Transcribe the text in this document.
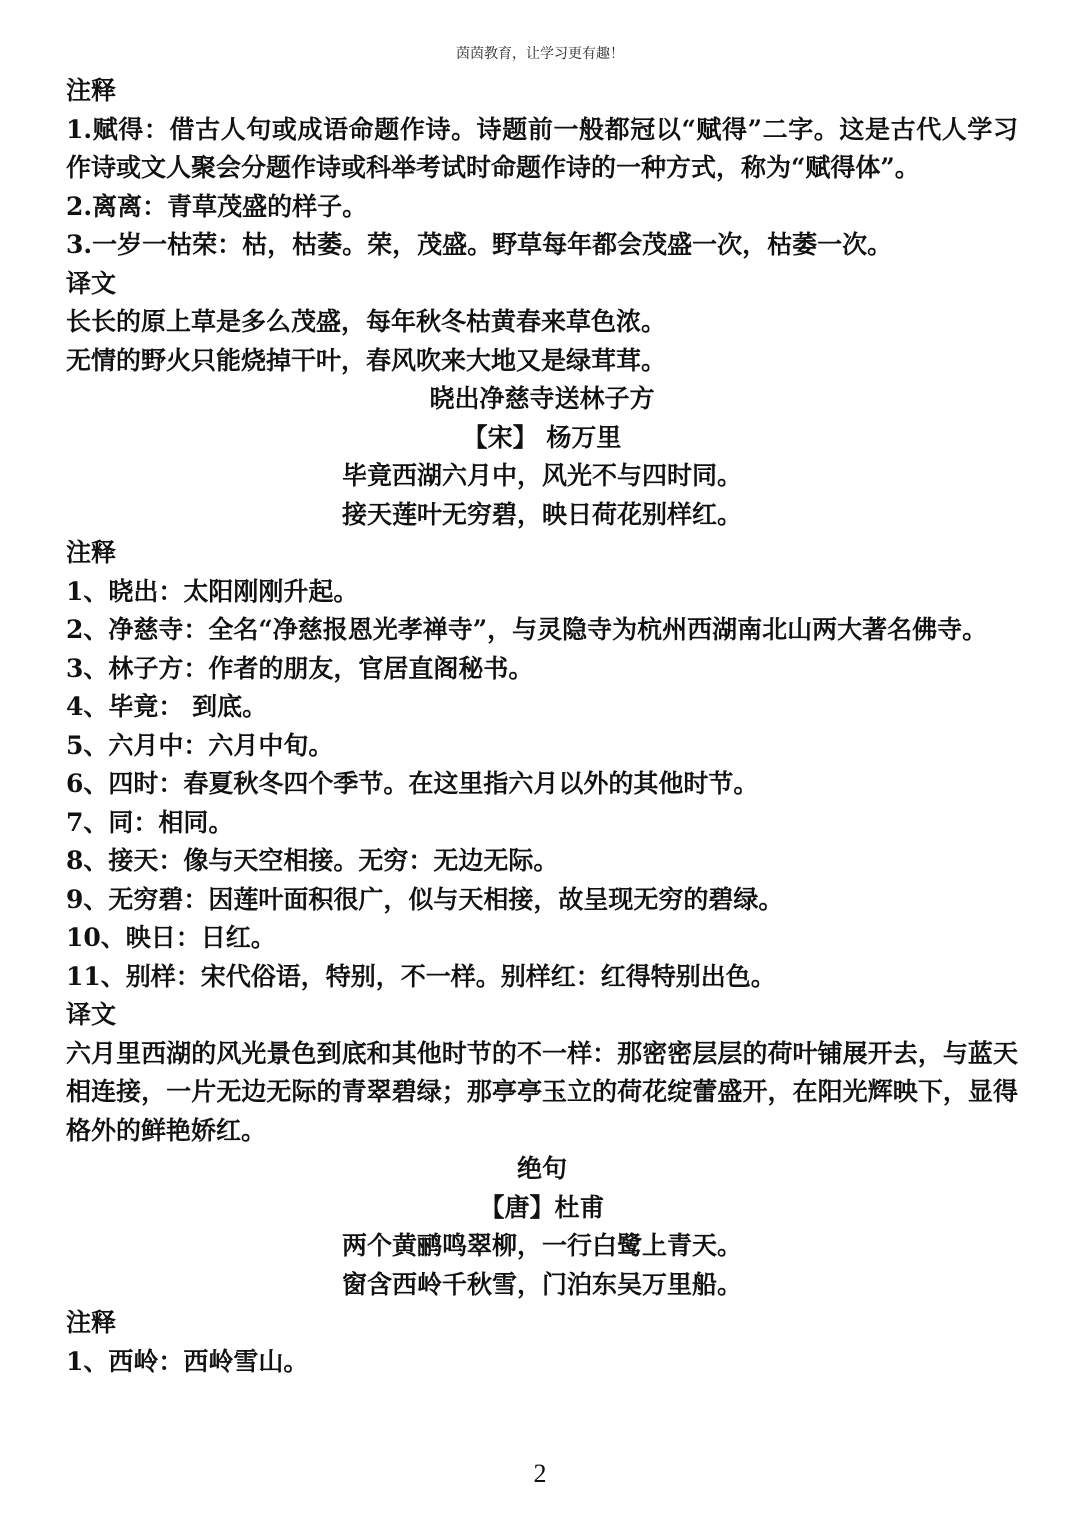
茵茵教育，让学习更有趣！
注释
1.赋得：借古人句或成语命题作诗。诗题前一般都冠以“赋得”二字。这是古代人学习作诗或文人聚会分题作诗或科举考试时命题作诗的一种方式，称为“赋得体”。
2.离离：青草茂盛的样子。
3.一岁一枯荣：枯，枯萎。荣，茂盛。野草每年都会茂盛一次，枯萎一次。
译文
长长的原上草是多么茂盛，每年秋冬枯黄春来草色浓。
无情的野火只能烧掉干叶，春风吹来大地又是绿茸茸。
晓出净慈寺送林子方
【宋】 杨万里
毕竟西湖六月中，风光不与四时同。
接天莲叶无穷碧，映日荷花别样红。
注释
1、晓出：太阳刚刚升起。
2、净慈寺：全名“净慈报恩光孝禅寺”，与灵隐寺为杭州西湖南北山两大著名佛寺。
3、林子方：作者的朋友，官居直阁秘书。
4、毕竟： 到底。
5、六月中：六月中旬。
6、四时：春夏秋冬四个季节。在这里指六月以外的其他时节。
7、同：相同。
8、接天：像与天空相接。无穷：无边无际。
9、无穷碧：因莲叶面积很广，似与天相接，故呈现无穷的碧绿。
10、映日：日红。
11、别样：宋代俗语，特别，不一样。别样红：红得特别出色。
译文
六月里西湖的风光景色到底和其他时节的不一样：那密密层层的荷叶铺展开去，与蓝天相连接，一片无边无际的青翠碧绿；那亭亭玉立的荷花绽蕾盛开，在阳光辉映下，显得格外的鲜艳娇红。
绝句
【唐】杜甫
两个黄鹂鸣翠柳，一行白鹭上青天。
窗含西岭千秋雪，门泊东吴万里船。
注释
1、西岭：西岭雪山。
2
